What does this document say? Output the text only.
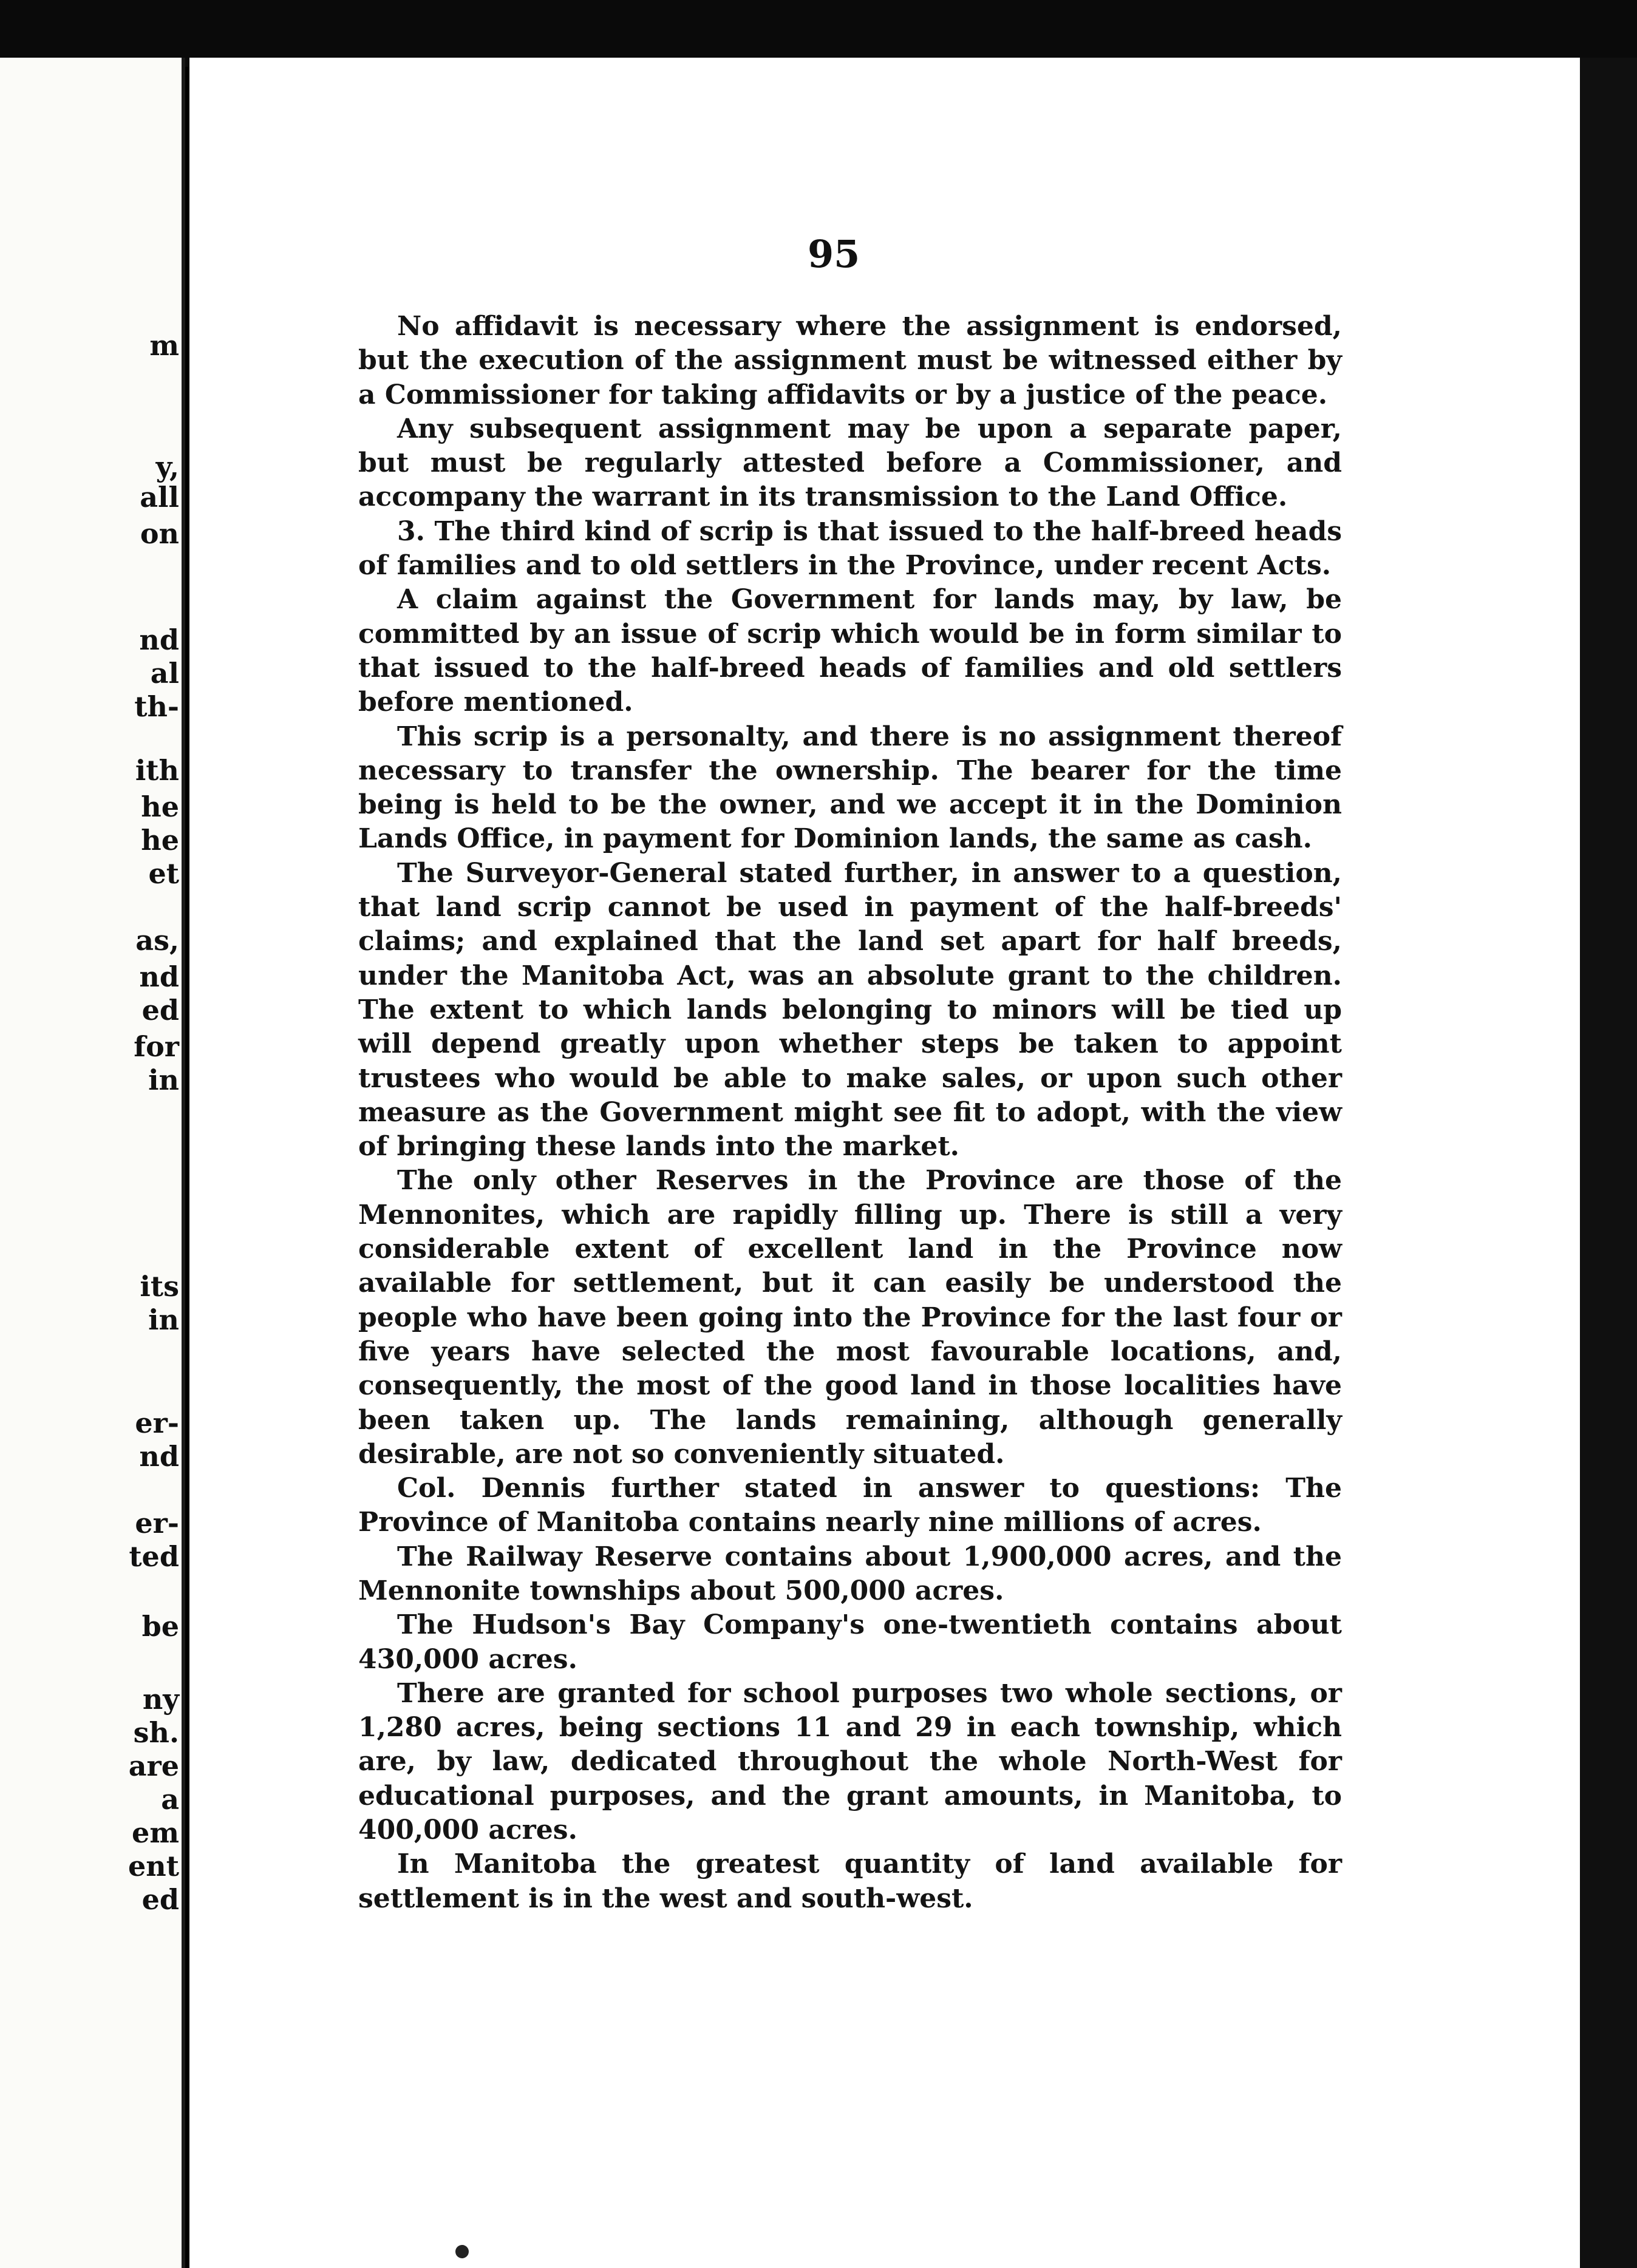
m
y,
all
on
nd
al
th-
ith
he
he
et
as,
nd
ed
for
in
its
in
er-
nd
er-
ted
be
ny
sh.
are
a
em
ent
ed
95

No affidavit is necessary where the assignment is endorsed, but the execution of the assignment must be witnessed either by a Commissioner for taking affidavits or by a justice of the peace.

Any subsequent assignment may be upon a separate paper, but must be regularly attested before a Commissioner, and accompany the warrant in its transmission to the Land Office.

3. The third kind of scrip is that issued to the half-breed heads of families and to old settlers in the Province, under recent Acts.

A claim against the Government for lands may, by law, be committed by an issue of scrip which would be in form similar to that issued to the half-breed heads of families and old settlers before mentioned.

This scrip is a personalty, and there is no assignment thereof necessary to transfer the ownership. The bearer for the time being is held to be the owner, and we accept it in the Dominion Lands Office, in payment for Dominion lands, the same as cash.

The Surveyor-General stated further, in answer to a question, that land scrip cannot be used in payment of the half-breeds' claims; and explained that the land set apart for half breeds, under the Manitoba Act, was an absolute grant to the children. The extent to which lands belonging to minors will be tied up will depend greatly upon whether steps be taken to appoint trustees who would be able to make sales, or upon such other measure as the Government might see fit to adopt, with the view of bringing these lands into the market.

The only other Reserves in the Province are those of the Mennonites, which are rapidly filling up. There is still a very considerable extent of excellent land in the Province now available for settlement, but it can easily be understood the people who have been going into the Province for the last four or five years have selected the most favourable locations, and, consequently, the most of the good land in those localities have been taken up. The lands remaining, although generally desirable, are not so conveniently situated.

Col. Dennis further stated in answer to questions: The Province of Manitoba contains nearly nine millions of acres.

The Railway Reserve contains about 1,900,000 acres, and the Mennonite townships about 500,000 acres.

The Hudson's Bay Company's one-twentieth contains about 430,000 acres.

There are granted for school purposes two whole sections, or 1,280 acres, being sections 11 and 29 in each township, which are, by law, dedicated throughout the whole North-West for educational purposes, and the grant amounts, in Manitoba, to 400,000 acres.

In Manitoba the greatest quantity of land available for settlement is in the west and south-west.
